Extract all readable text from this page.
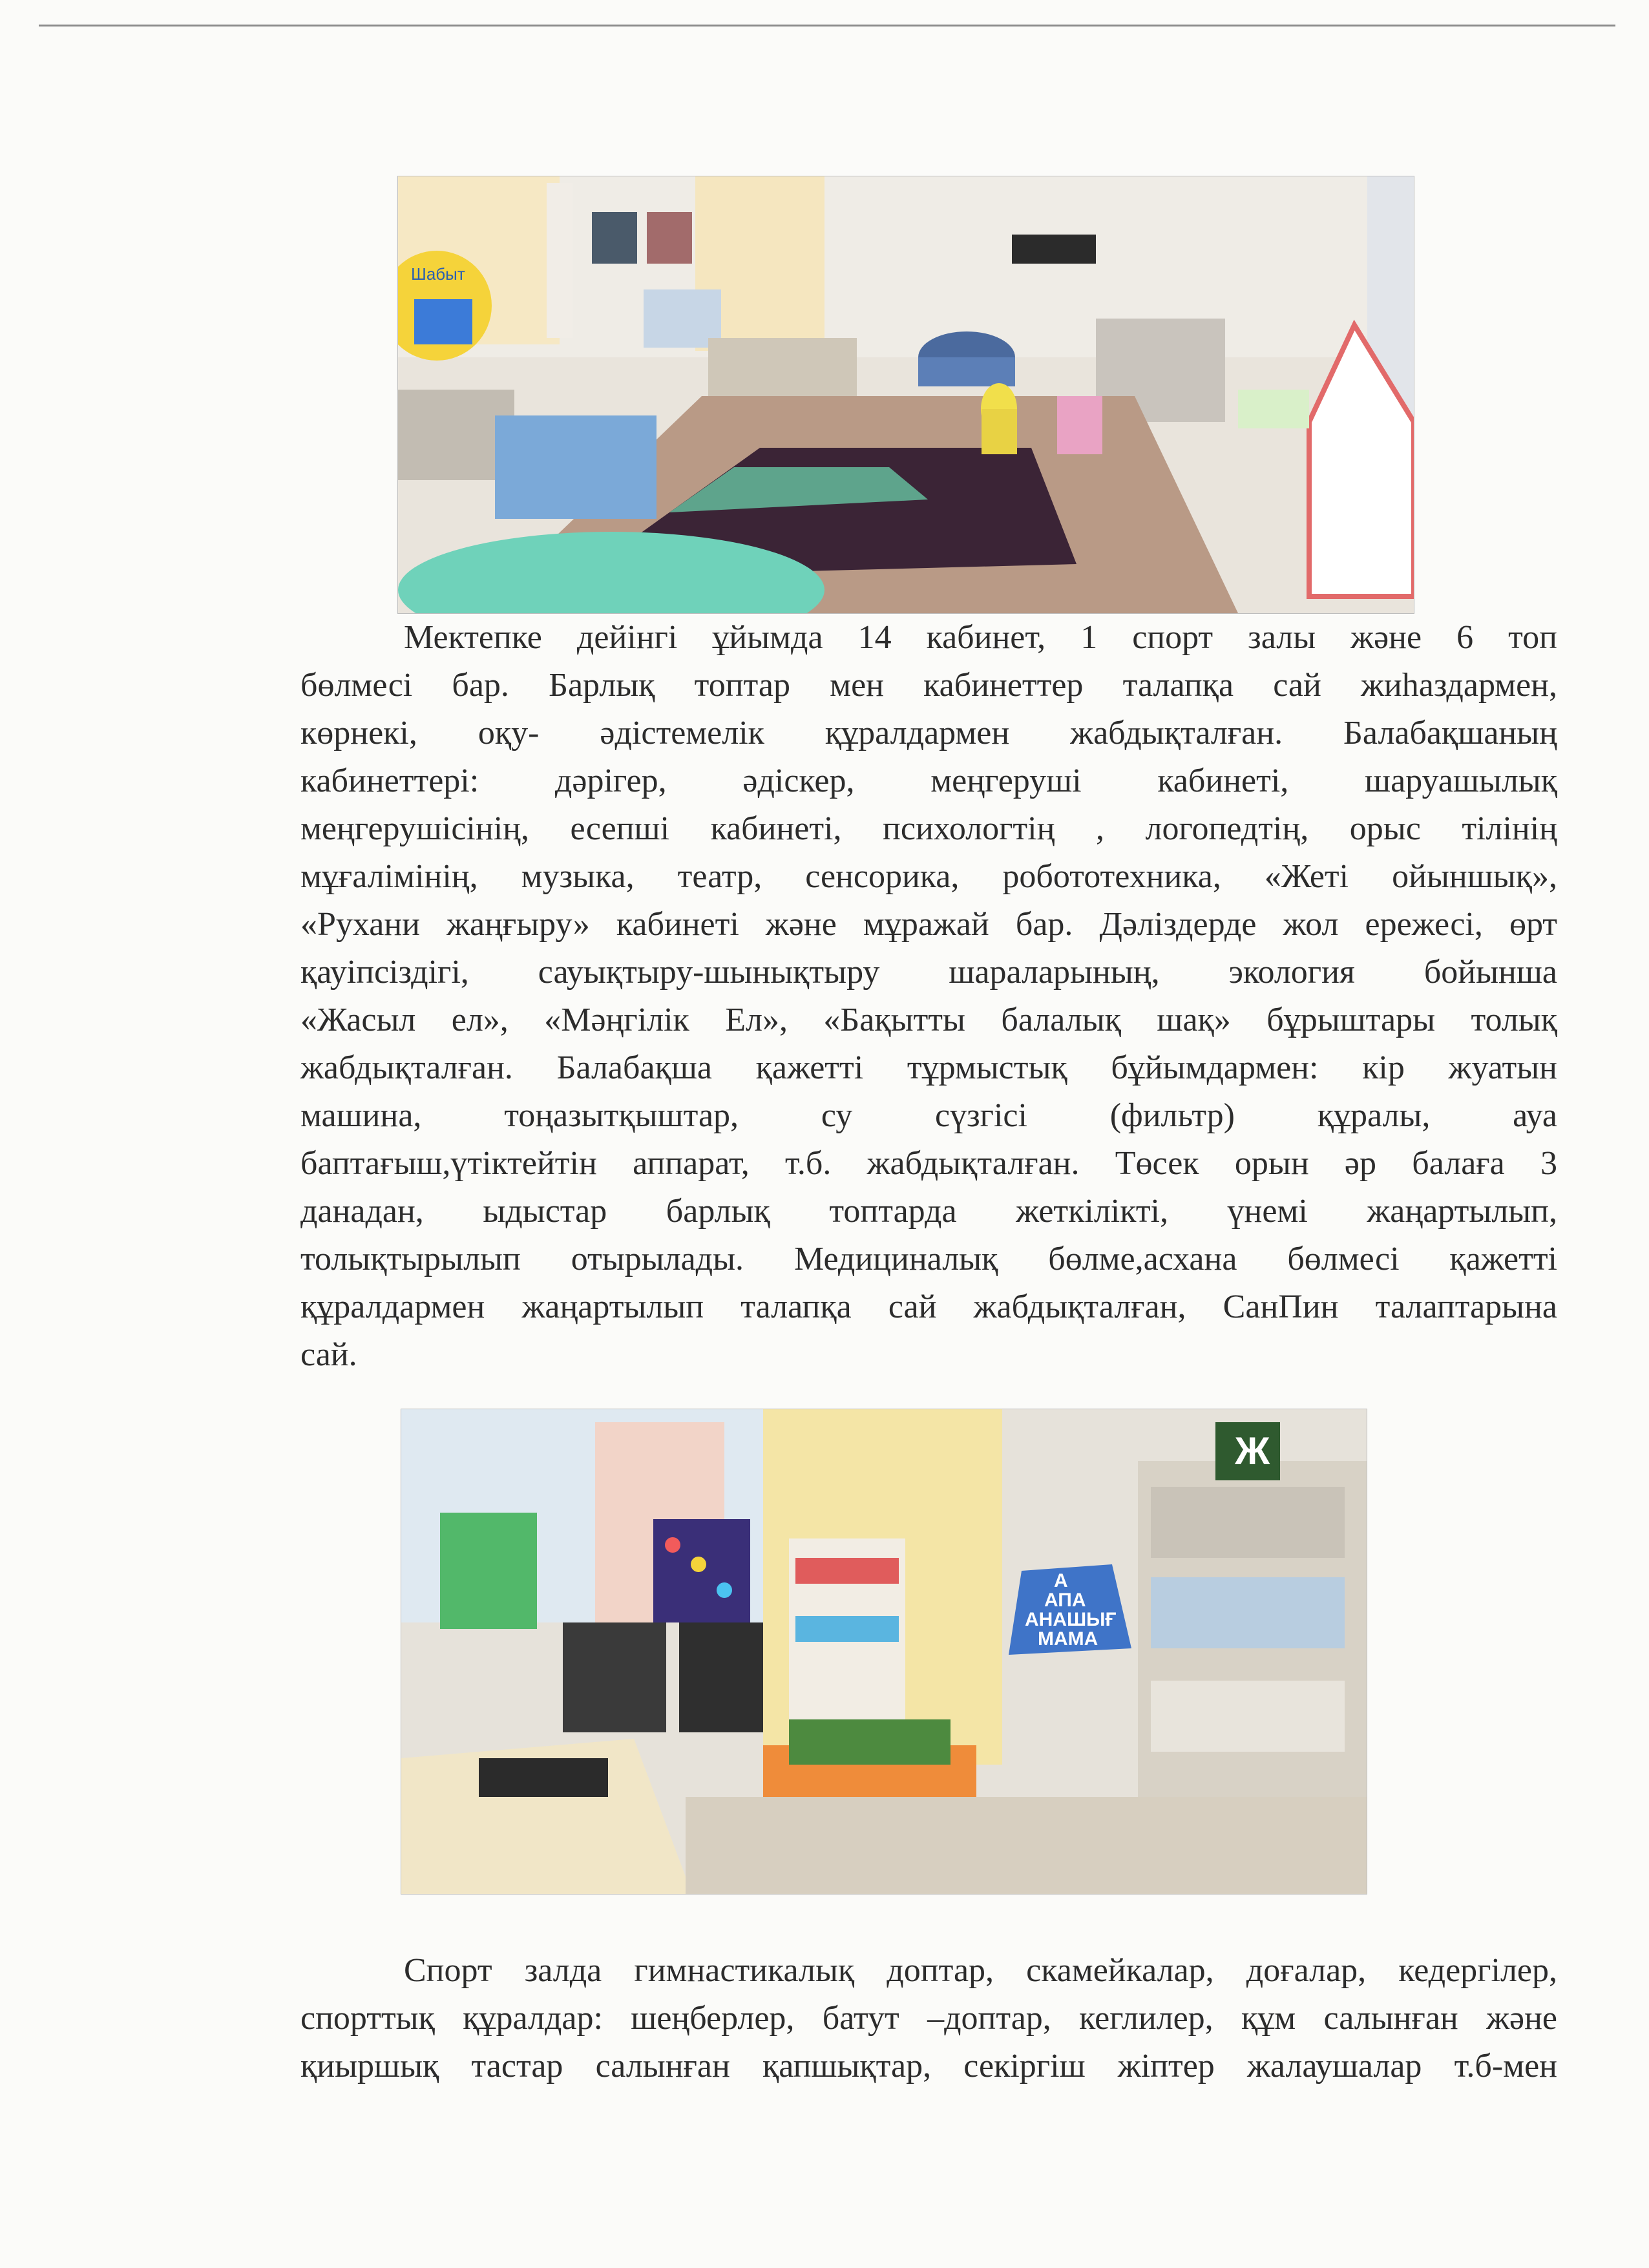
Шабыт

Мектепке дейінгі ұйымда 14 кабинет, 1 спорт залы және 6 топ
бөлмесі бар. Барлық топтар мен кабинеттер талапқа сай жиһаздармен,
көрнекі, оқу- әдістемелік құралдармен жабдықталған. Балабақшаның
кабинеттері: дәрігер, әдіскер, меңгеруші кабинеті, шаруашылық
меңгерушісінің, есепші кабинеті, психологтің , логопедтің, орыс тілінің
мұғалімінің, музыка, театр, сенсорика, робототехника, «Жеті ойыншық»,
«Рухани жаңғыру» кабинеті және мұражай бар. Дәліздерде жол ережесі, өрт
қауіпсіздігі, сауықтыру-шынықтыру шараларының, экология бойынша
«Жасыл ел», «Мәңгілік Ел», «Бақытты балалық шақ» бұрыштары толық
жабдықталған. Балабақша қажетті тұрмыстық бұйымдармен: кір жуатын
машина, тоңазытқыштар, су сүзгісі (фильтр) құралы, ауа
баптағыш,үтіктейтін аппарат, т.б. жабдықталған. Төсек орын әр балаға 3
данадан, ыдыстар барлық топтарда жеткілікті, үнемі жаңартылып,
толықтырылып отырылады. Медициналық бөлме,асхана бөлмесі қажетті
құралдармен жаңартылып талапқа сай жабдықталған, СанПин талаптарына
сай.

Ж
А
АПА
АНАШЫҒ
МАМА

Спорт залда гимнастикалық доптар, скамейкалар, доғалар, кедергілер,
спорттық құралдар: шеңберлер, батут –доптар, кеглилер, құм салынған және
қиыршық тастар салынған қапшықтар, секіргіш жіптер жалаушалар т.б-мен
